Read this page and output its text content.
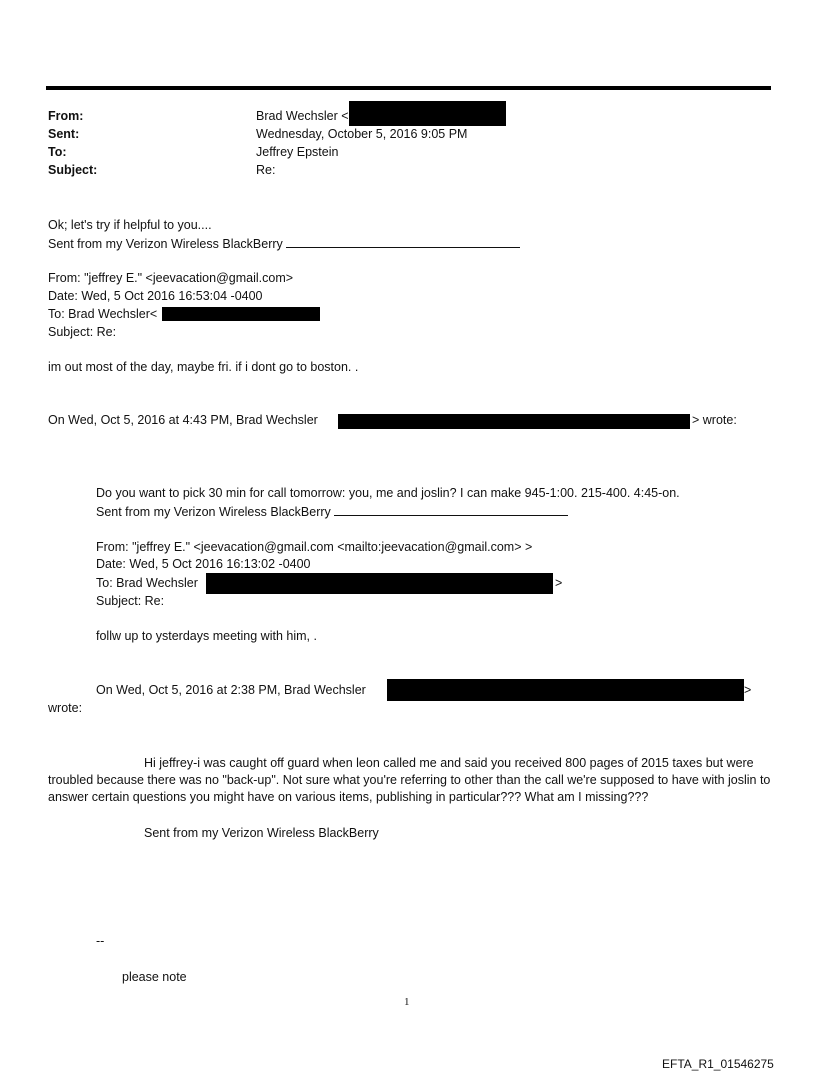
From:	Brad Wechsler <
Sent:	Wednesday, October 5, 2016 9:05 PM
To:	Jeffrey Epstein
Subject:	Re:
Ok; let's try if helpful to you....
Sent from my Verizon Wireless BlackBerry
From: "jeffrey E." <jeevacation@gmail.com>
Date: Wed, 5 Oct 2016 16:53:04 -0400
To: Brad Wechsler<
Subject: Re:
im out most of the day, maybe fri. if i dont go to boston. .
On Wed, Oct 5, 2016 at 4:43 PM, Brad Wechsler	> wrote:
Do you want to pick 30 min for call tomorrow: you, me and joslin? I can make 945-1:00. 215-400. 4:45-on.
Sent from my Verizon Wireless BlackBerry
From: "jeffrey E." <jeevacation@gmail.com <mailto:jeevacation@gmail.com> >
Date: Wed, 5 Oct 2016 16:13:02 -0400
To: Brad Wechsler	>
Subject: Re:
follw up to ysterdays meeting with him, .
On Wed, Oct 5, 2016 at 2:38 PM, Brad Wechsler	>
wrote:
Hi jeffrey-i was caught off guard when leon called me and said you received 800 pages of 2015 taxes but were troubled because there was no "back-up". Not sure what you're referring to other than the call we're supposed to have with joslin to answer certain questions you might have on various items, publishing in particular??? What am I missing???
Sent from my Verizon Wireless BlackBerry
--
please note
1
EFTA_R1_01546275
